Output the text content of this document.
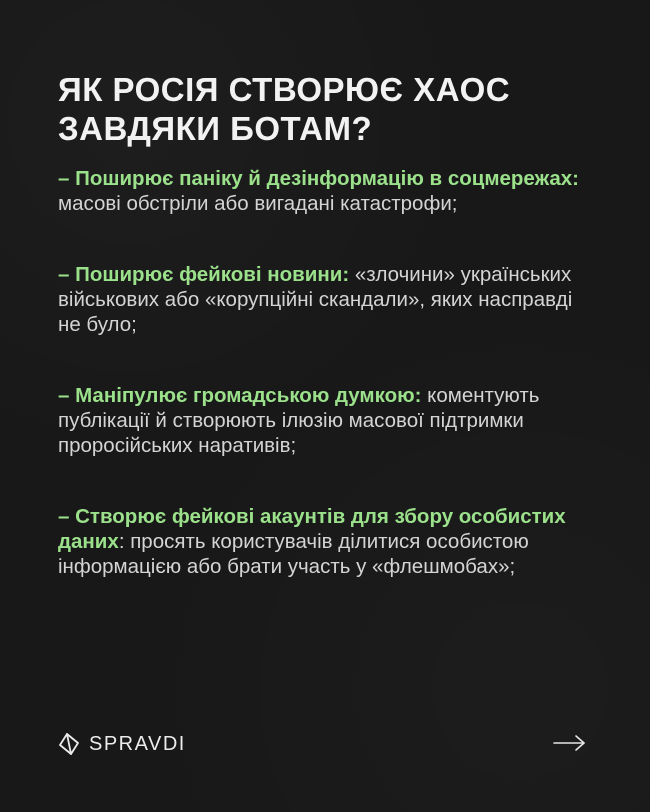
ЯК РОСІЯ СТВОРЮЄ ХАОС ЗАВДЯКИ БОТАМ?

– Поширює паніку й дезінформацію в соцмережах: масові обстріли або вигадані катастрофи;

– Поширює фейкові новини: «злочини» українських військових або «корупційні скандали», яких насправді не було;

– Маніпулює громадською думкою: коментують публікації й створюють ілюзію масової підтримки проросійських наративів;

– Створює фейкові акаунтів для збору особистих даних: просять користувачів ділитися особистою інформацією або брати участь у «флешмобах»;

SPRAVDI
